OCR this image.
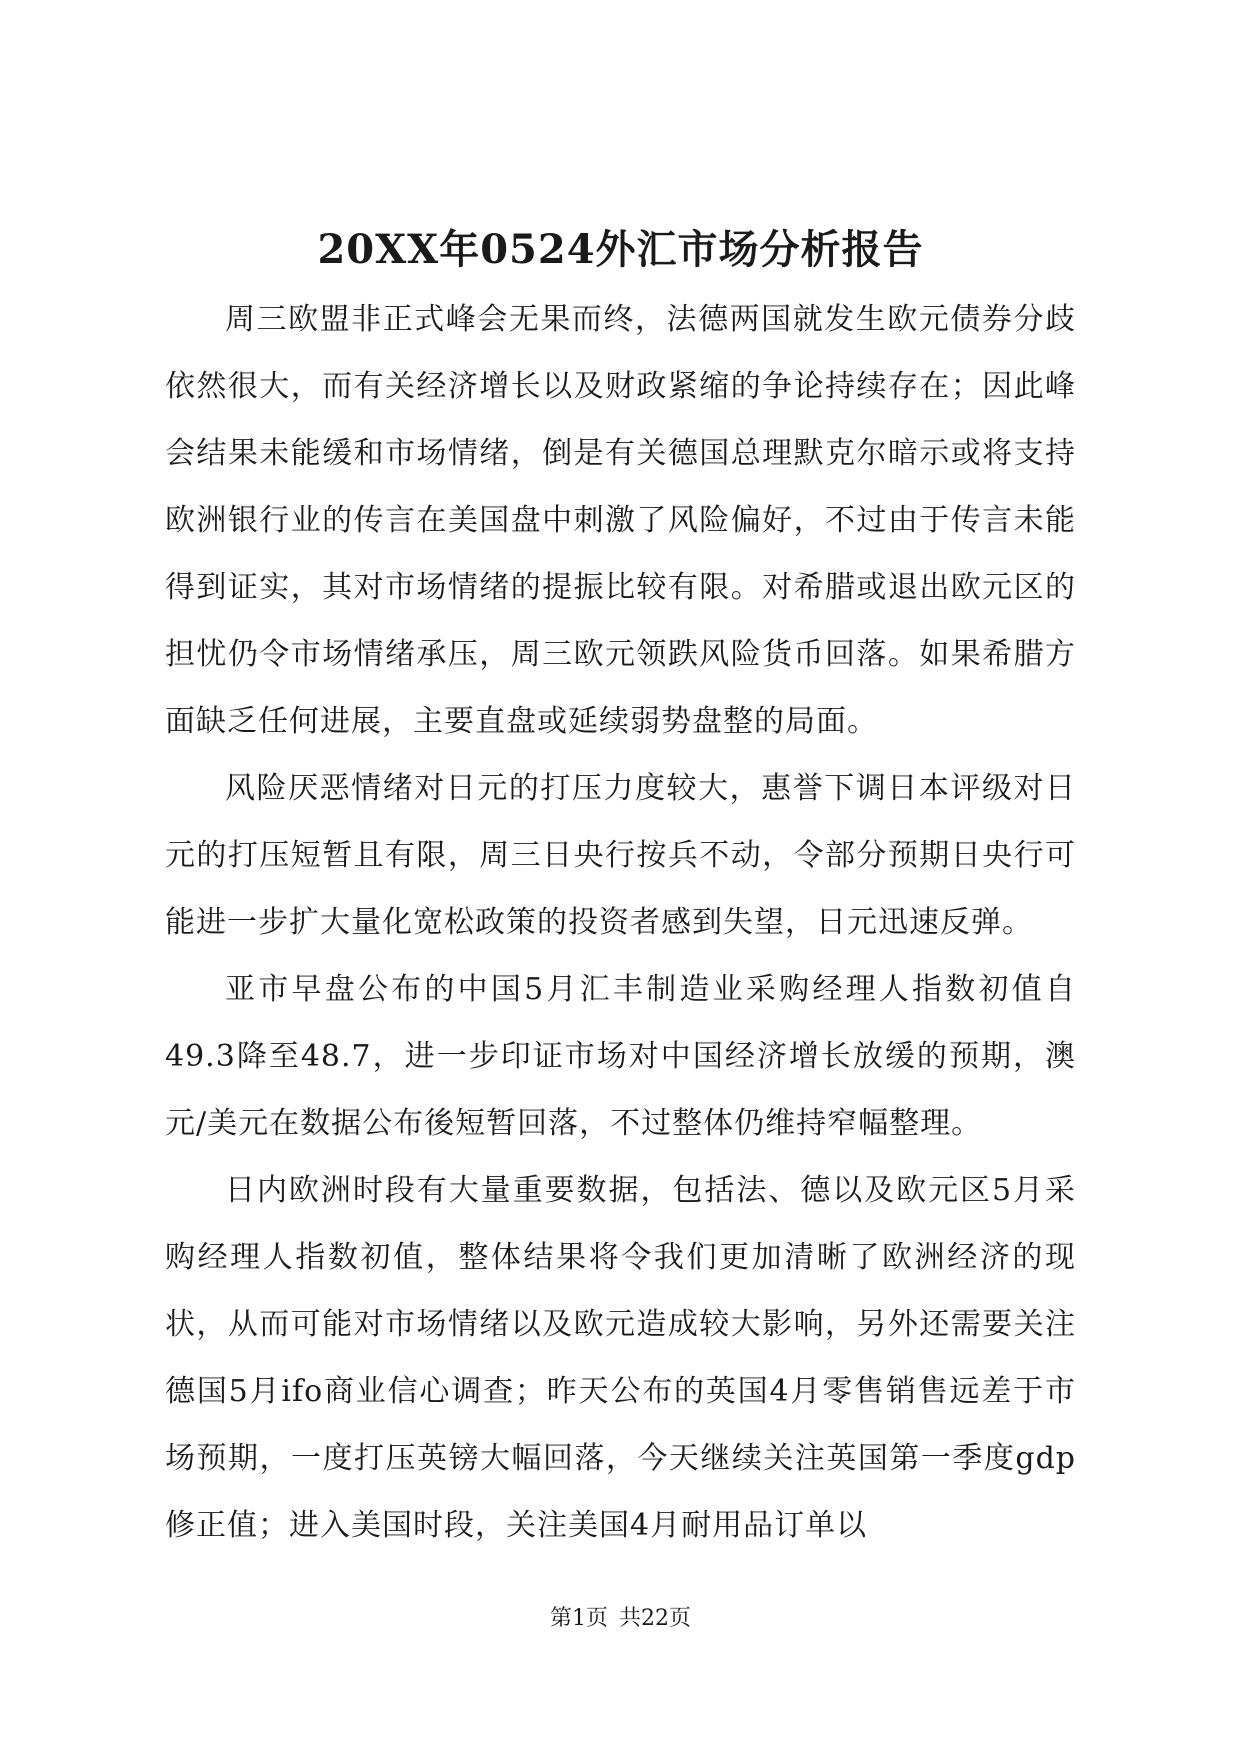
20XX年0524外汇市场分析报告

周三欧盟非正式峰会无果而终，法德两国就发生欧元债券分歧依然很大，而有关经济增长以及财政紧缩的争论持续存在；因此峰会结果未能缓和市场情绪，倒是有关德国总理默克尔暗示或将支持欧洲银行业的传言在美国盘中刺激了风险偏好，不过由于传言未能得到证实，其对市场情绪的提振比较有限。对希腊或退出欧元区的担忧仍令市场情绪承压，周三欧元领跌风险货币回落。如果希腊方面缺乏任何进展，主要直盘或延续弱势盘整的局面。

风险厌恶情绪对日元的打压力度较大，惠誉下调日本评级对日元的打压短暂且有限，周三日央行按兵不动，令部分预期日央行可能进一步扩大量化宽松政策的投资者感到失望，日元迅速反弹。

亚市早盘公布的中国5月汇丰制造业采购经理人指数初值自49.3降至48.7，进一步印证市场对中国经济增长放缓的预期，澳元/美元在数据公布後短暂回落，不过整体仍维持窄幅整理。

日内欧洲时段有大量重要数据，包括法、德以及欧元区5月采购经理人指数初值，整体结果将令我们更加清晰了欧洲经济的现状，从而可能对市场情绪以及欧元造成较大影响，另外还需要关注德国5月ifo商业信心调查；昨天公布的英国4月零售销售远差于市场预期，一度打压英镑大幅回落，今天继续关注英国第一季度gdp修正值；进入美国时段，关注美国4月耐用品订单以

第1页 共22页
